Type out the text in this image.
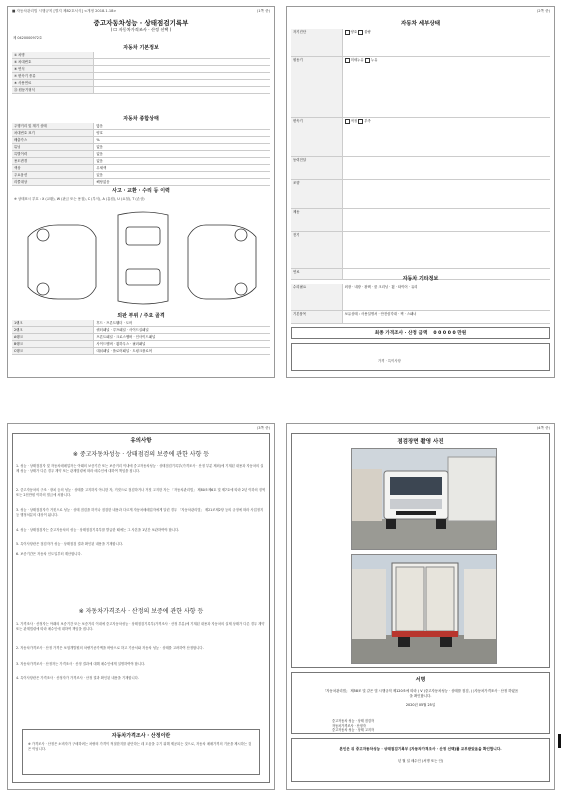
■ 자동차관리법 시행규칙 [별지 제82호서식] <개정 2018.1.18>	(1쪽 중)
중고자동차성능 · 상태점검기록부
( ☐ 자동차가격조사 · 산정 선택 )
제 0420000972호
자동차 기본정보
① 차명
③ 차대번호
⑤ 연식
⑦ 변속기 종류
⑨ 사용연료
⑪ 원동기형식
자동차 종합상태
주행거리 및 계기 상태	많음
차대번호 표기	양호
배출가스	%
튜닝	없음
특별이력	없음
용도변경	없음
색상	무채색
주요옵션	있음
리콜대상	해당없음
사고 · 교환 · 수리 등 이력
※ 상태표시 부호 : X (교환), W (판금 또는 용접), C (부식), A (흠집), U (요철), T (손상)
외판 부위 / 주요 골격
1랭크	후드 · 프론트휀더 · 도어
2랭크	쿼터패널 · 루프패널 · 사이드실패널
A랭크	프론트패널 · 크로스멤버 · 인사이드패널
B랭크	사이드멤버 · 휠하우스 · 필러패널
C랭크	대쉬패널 · 플로어패널 · 트렁크플로어
(2쪽 중)
자동차 세부상태
자기진단	양호 불량
원동기	미세누유 누유
변속기	적정 부족
동력전달
조향
제동
전기
연료
자동차 기타정보
수리필요	외장 · 내장 · 광택 · 룸 크리닝 · 휠 · 타이어 · 유리
기본품목	보유상태 : 사용설명서 · 안전삼각대 · 잭 · 스패너
최종 가격조사 · 산정 금액 0 0 0 0 0 만원
가격 · 특이사항
(3쪽 중)
유의사항
※ 중고자동차성능 · 상태점검의 보증에 관한 사항 등
1. 성능 · 상태점검자 및 자동차매매업자는 아래의 보증기간 또는 보증거리 이내에 중고자동차성능 · 상태점검기록부(가격조사 · 산정 부분 제외)에 기재된 내용과 자동차의 실제 성능 · 상태가 다른 경우 계약 또는 관계법령에 따라 매수인에 대하여 책임을 집니다.
2. 중고자동차의 구조 · 장치 등의 성능 · 상태를 고지하지 아니한 자, 거짓으로 점검하거나 거짓 고지한 자는 「자동차관리법」 제80조제6호 및 제7호에 따라 2년 이하의 징역 또는 2천만원 이하의 벌금에 처합니다.
3. 성능 · 상태점검자가 거짓으로 성능 · 상태 점검을 하거나 점검한 내용과 다르게 자동차매매업자에게 알린 경우 「자동차관리법」 제21조제2항 등의 규정에 따라 사업정지 등 행정처분의 대상이 됩니다.
4. 성능 · 상태점검자는 중고자동차의 성능 · 상태점검기록부를 발급한 때에는 그 사본을 1년간 보관하여야 합니다.
5. 특이사항란은 점검자가 성능 · 상태점검 결과 확인된 내용을 기재합니다.
6. 보증기간은 자동차 인도일부터 계산합니다.
※ 자동차가격조사 · 산정의 보증에 관한 사항 등
1. 가격조사 · 산정자는 아래의 보증기간 또는 보증거리 이내에 중고자동차성능 · 상태점검기록부(가격조사 · 산정 부분)에 기재된 내용과 자동차의 실제 상태가 다른 경우 계약 또는 관계법령에 따라 매수인에 대하여 책임을 집니다.
2. 자동차가격조사 · 산정 가격은 보험개발원의 차량기준가액을 바탕으로 하고 기준서와 자동차 성능 · 상태를 고려하여 산정합니다.
3. 자동차가격조사 · 산정자는 가격조사 · 산정 결과에 대해 매수인에게 설명하여야 합니다.
4. 특이사항란은 가격조사 · 산정자가 가격조사 · 산정 결과 확인된 내용을 기재합니다.
자동차가격조사 · 산정이란
※ 가격조사 · 산정은 소비자가 구매하려는 차량의 가격이 적절한지를 판단하는 데 도움을 주기 위해 제공되는 것으로, 자동차 매매가격의 기준을 제시하는 것은 아닙니다.
(4쪽 중)
점검장면 촬영 사진
서명
「자동차관리법」 제58조 및 같은 법 시행규칙 제120조에 따라 ( V )중고자동차성능 · 상태를 점검, ( )자동차가격조사 · 산정 하였음을 확인합니다.
2020년 05월 25일
중고자동차 성능 · 상태 점검자
자동차가격조사 · 산정자
중고자동차 성능 · 상태 고지자
본인은 위 중고자동차성능 · 상태점검기록부 [자동차가격조사 · 산정 선택]를 교부받았음을 확인합니다.
년 월 일 매수인 (서명 또는 인)
